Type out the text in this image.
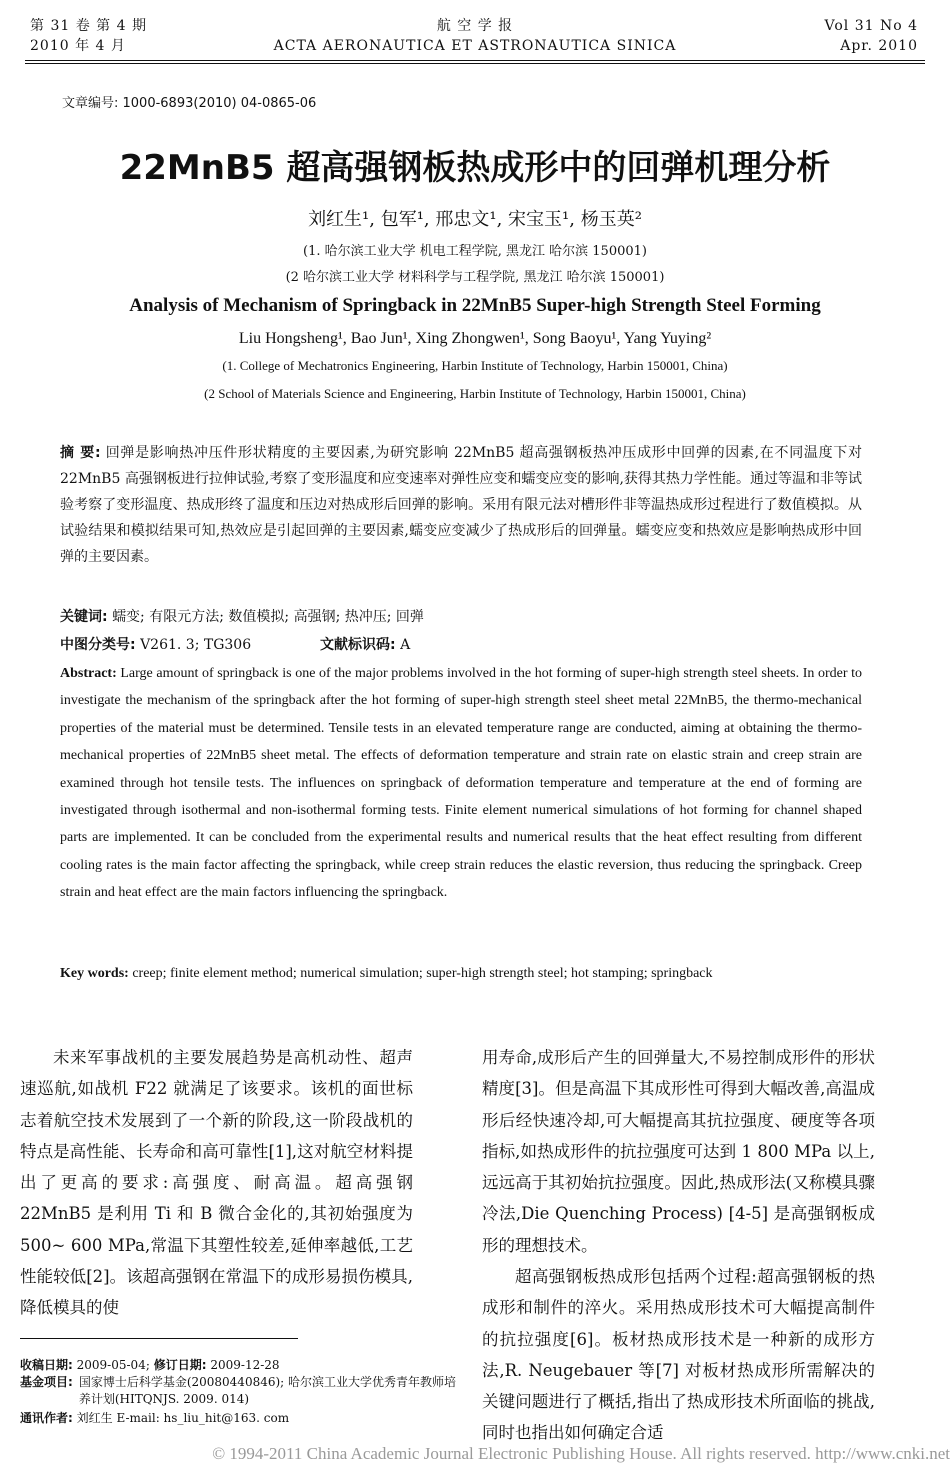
第 31 卷 第 4 期
2010 年 4 月
航 空 学 报
ACTA AERONAUTICA ET ASTRONAUTICA SINICA
Vol 31 No 4
Apr. 2010
文章编号: 1000-6893(2010) 04-0865-06
22MnB5 超高强钢板热成形中的回弹机理分析
刘红生¹, 包军¹, 邢忠文¹, 宋宝玉¹, 杨玉英²
(1. 哈尔滨工业大学 机电工程学院, 黑龙江 哈尔滨 150001)
(2 哈尔滨工业大学 材料科学与工程学院, 黑龙江 哈尔滨 150001)
Analysis of Mechanism of Springback in 22MnB5 Super-high Strength Steel Forming
Liu Hongsheng¹, Bao Jun¹, Xing Zhongwen¹, Song Baoyu¹, Yang Yuying²
(1. College of Mechatronics Engineering, Harbin Institute of Technology, Harbin 150001, China)
(2 School of Materials Science and Engineering, Harbin Institute of Technology, Harbin 150001, China)
摘 要: 回弹是影响热冲压件形状精度的主要因素,为研究影响 22MnB5 超高强钢板热冲压成形中回弹的因素,在不同温度下对 22MnB5 高强钢板进行拉伸试验,考察了变形温度和应变速率对弹性应变和蠕变应变的影响,获得其热力学性能。通过等温和非等试验考察了变形温度、热成形终了温度和压边对热成形后回弹的影响。采用有限元法对槽形件非等温热成形过程进行了数值模拟。从试验结果和模拟结果可知,热效应是引起回弹的主要因素,蠕变应变减少了热成形后的回弹量。蠕变应变和热效应是影响热成形中回弹的主要因素。
关键词: 蠕变; 有限元方法; 数值模拟; 高强钢; 热冲压; 回弹
中图分类号: V261. 3; TG306	文献标识码: A
Abstract: Large amount of springback is one of the major problems involved in the hot forming of super-high strength steel sheets. In order to investigate the mechanism of the springback after the hot forming of super-high strength steel sheet metal 22MnB5, the thermo-mechanical properties of the material must be determined. Tensile tests in an elevated temperature range are conducted, aiming at obtaining the thermo-mechanical properties of 22MnB5 sheet metal. The effects of deformation temperature and strain rate on elastic strain and creep strain are examined through hot tensile tests. The influences on springback of deformation temperature and temperature at the end of forming are investigated through isothermal and non-isothermal forming tests. Finite element numerical simulations of hot forming for channel shaped parts are implemented. It can be concluded from the experimental results and numerical results that the heat effect resulting from different cooling rates is the main factor affecting the springback, while creep strain reduces the elastic reversion, thus reducing the springback. Creep strain and heat effect are the main factors influencing the springback.
Key words: creep; finite element method; numerical simulation; super-high strength steel; hot stamping; springback
未来军事战机的主要发展趋势是高机动性、超声速巡航,如战机 F22 就满足了该要求。该机的面世标志着航空技术发展到了一个新的阶段,这一阶段战机的特点是高性能、长寿命和高可靠性[1],这对航空材料提出了更高的要求:高强度、耐高温。超高强钢 22MnB5 是利用 Ti 和 B 微合金化的,其初始强度为 500~ 600 MPa,常温下其塑性较差,延伸率越低,工艺性能较低[2]。该超高强钢在常温下的成形易损伤模具,降低模具的使
用寿命,成形后产生的回弹量大,不易控制成形件的形状精度[3]。但是高温下其成形性可得到大幅改善,高温成形后经快速冷却,可大幅提高其抗拉强度、硬度等各项指标,如热成形件的抗拉强度可达到 1 800 MPa 以上,远远高于其初始抗拉强度。因此,热成形法(又称模具骤冷法,Die Quenching Process) [4-5] 是高强钢板成形的理想技术。
超高强钢板热成形包括两个过程:超高强钢板的热成形和制件的淬火。采用热成形技术可大幅提高制件的抗拉强度[6]。板材热成形技术是一种新的成形方法,R. Neugebauer 等[7] 对板材热成形所需解决的关键问题进行了概括,指出了热成形技术所面临的挑战,同时也指出如何确定合适
收稿日期: 2009-05-04; 修订日期: 2009-12-28
基金项目: 国家博士后科学基金(20080440846); 哈尔滨工业大学优秀青年教师培养计划(HITQNJS. 2009. 014)
通讯作者: 刘红生 E-mail: hs_liu_hit@163. com
© 1994-2011 China Academic Journal Electronic Publishing House. All rights reserved. http://www.cnki.net
